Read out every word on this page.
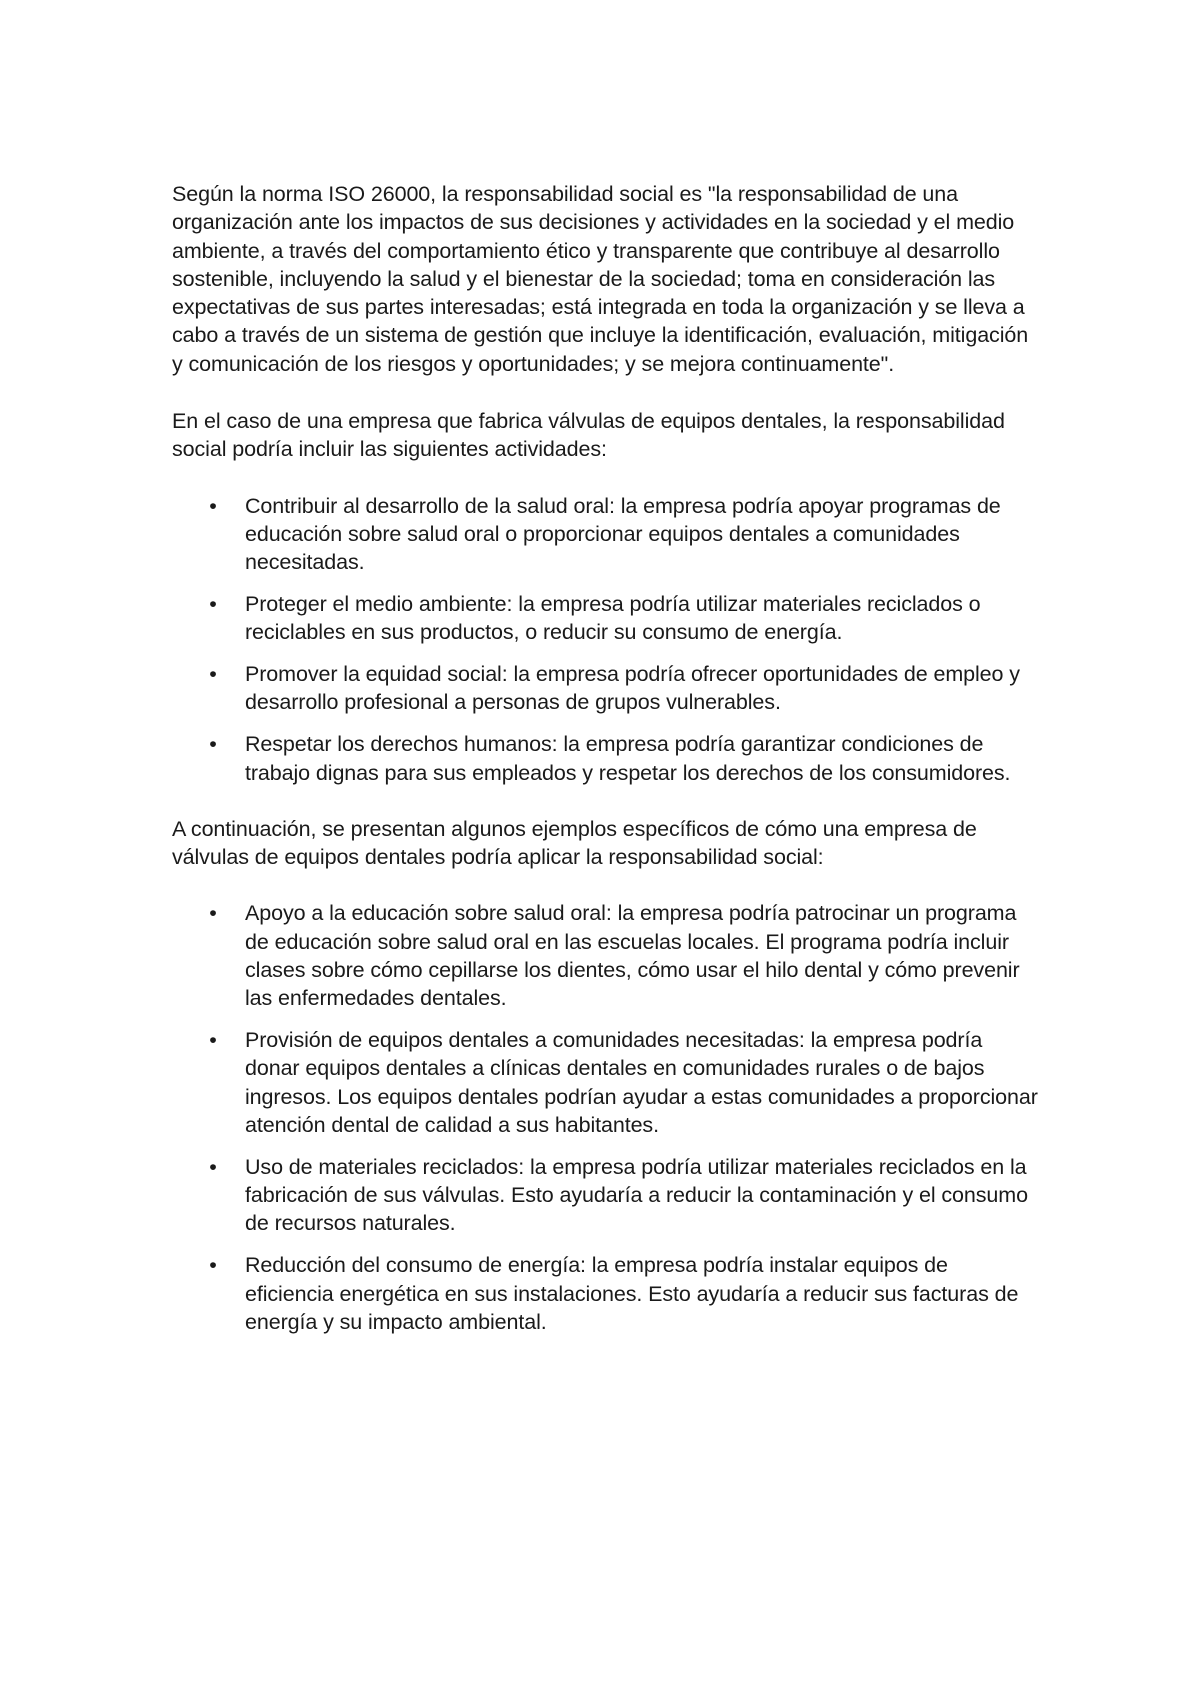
Según la norma ISO 26000, la responsabilidad social es "la responsabilidad de una organización ante los impactos de sus decisiones y actividades en la sociedad y el medio ambiente, a través del comportamiento ético y transparente que contribuye al desarrollo sostenible, incluyendo la salud y el bienestar de la sociedad; toma en consideración las expectativas de sus partes interesadas; está integrada en toda la organización y se lleva a cabo a través de un sistema de gestión que incluye la identificación, evaluación, mitigación y comunicación de los riesgos y oportunidades; y se mejora continuamente".

En el caso de una empresa que fabrica válvulas de equipos dentales, la responsabilidad social podría incluir las siguientes actividades:

• Contribuir al desarrollo de la salud oral: la empresa podría apoyar programas de educación sobre salud oral o proporcionar equipos dentales a comunidades necesitadas.
• Proteger el medio ambiente: la empresa podría utilizar materiales reciclados o reciclables en sus productos, o reducir su consumo de energía.
• Promover la equidad social: la empresa podría ofrecer oportunidades de empleo y desarrollo profesional a personas de grupos vulnerables.
• Respetar los derechos humanos: la empresa podría garantizar condiciones de trabajo dignas para sus empleados y respetar los derechos de los consumidores.

A continuación, se presentan algunos ejemplos específicos de cómo una empresa de válvulas de equipos dentales podría aplicar la responsabilidad social:

• Apoyo a la educación sobre salud oral: la empresa podría patrocinar un programa de educación sobre salud oral en las escuelas locales. El programa podría incluir clases sobre cómo cepillarse los dientes, cómo usar el hilo dental y cómo prevenir las enfermedades dentales.
• Provisión de equipos dentales a comunidades necesitadas: la empresa podría donar equipos dentales a clínicas dentales en comunidades rurales o de bajos ingresos. Los equipos dentales podrían ayudar a estas comunidades a proporcionar atención dental de calidad a sus habitantes.
• Uso de materiales reciclados: la empresa podría utilizar materiales reciclados en la fabricación de sus válvulas. Esto ayudaría a reducir la contaminación y el consumo de recursos naturales.
• Reducción del consumo de energía: la empresa podría instalar equipos de eficiencia energética en sus instalaciones. Esto ayudaría a reducir sus facturas de energía y su impacto ambiental.
